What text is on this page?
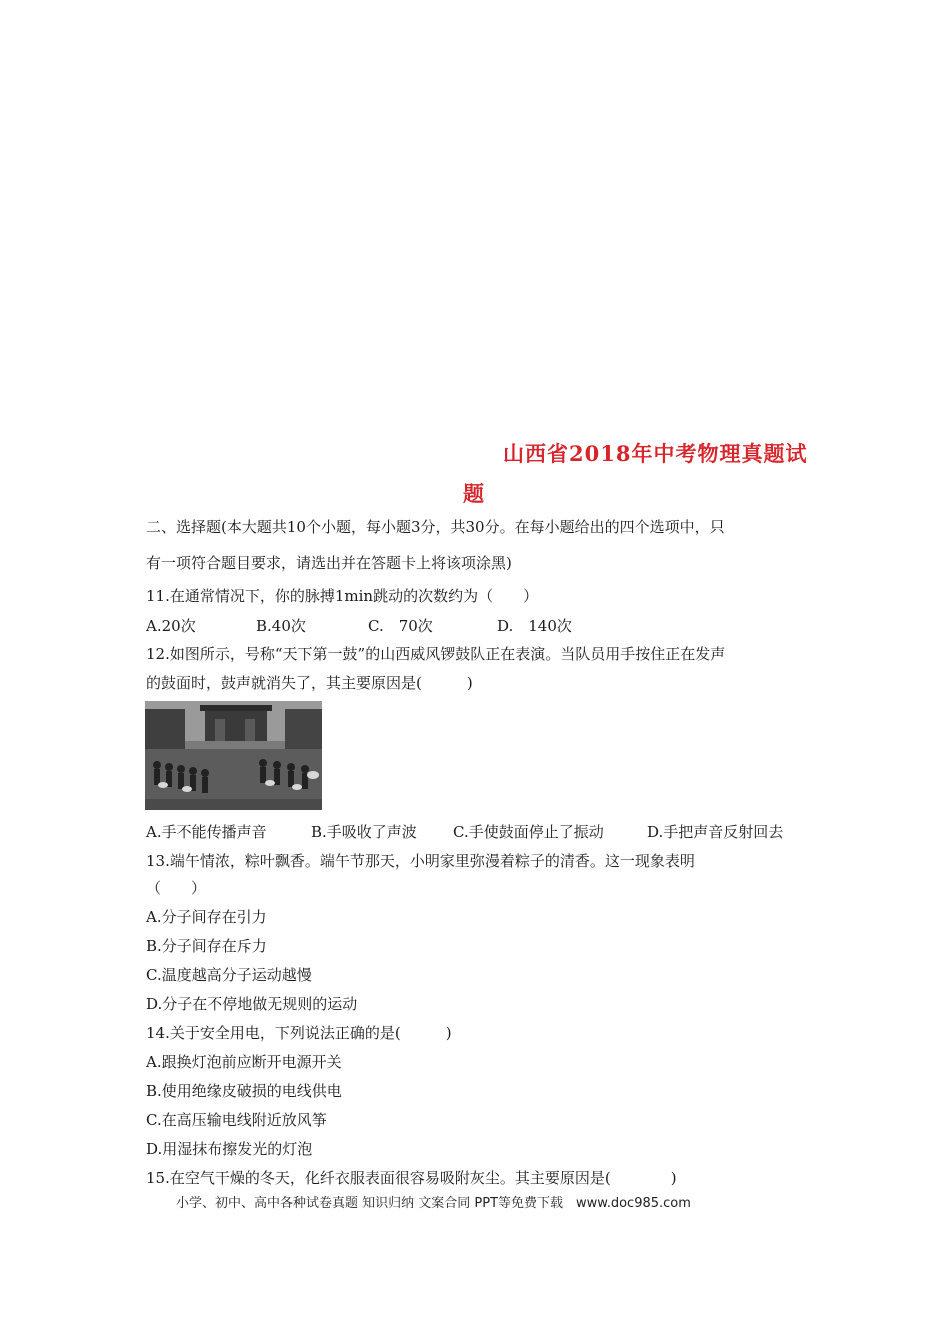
山西省2018年中考物理真题试
题
二、选择题(本大题共10个小题，每小题3分，共30分。在每小题给出的四个选项中，只
有一项符合题目要求，请选出并在答题卡上将该项涂黑)
11.在通常情况下，你的脉搏1min跳动的次数约为（　　）
A.20次	B.40次	C.　70次	D.　140次
12.如图所示，号称“天下第一鼓”的山西威风锣鼓队正在表演。当队员用手按住正在发声
的鼓面时，鼓声就消失了，其主要原因是(　　　)
A.手不能传播声音	B.手吸收了声波 C.手使鼓面停止了振动	D.手把声音反射回去
13.端午情浓，粽叶飘香。端午节那天，小明家里弥漫着粽子的清香。这一现象表明
（　　）
A.分子间存在引力
B.分子间存在斥力
C.温度越高分子运动越慢
D.分子在不停地做无规则的运动
14.关于安全用电，下列说法正确的是(　　　)
A.跟换灯泡前应断开电源开关
B.使用绝缘皮破损的电线供电
C.在高压输电线附近放风筝
D.用湿抹布擦发光的灯泡
15.在空气干燥的冬天，化纤衣服表面很容易吸附灰尘。其主要原因是(　　　　)
小学、初中、高中各种试卷真题 知识归纳 文案合同 PPT等免费下载　www.doc985.com
